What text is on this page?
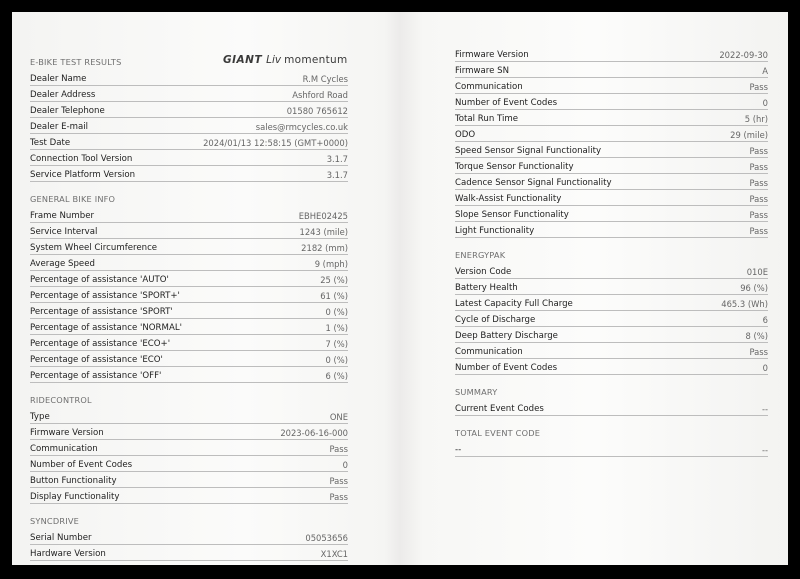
GIANT Liv momentum
E-BIKE TEST RESULTS
Dealer Name	R.M Cycles
Dealer Address	Ashford Road
Dealer Telephone	01580 765612
Dealer E-mail	sales@rmcycles.co.uk
Test Date	2024/01/13 12:58:15 (GMT+0000)
Connection Tool Version	3.1.7
Service Platform Version	3.1.7
GENERAL BIKE INFO
Frame Number	EBHE02425
Service Interval	1243 (mile)
System Wheel Circumference	2182 (mm)
Average Speed	9 (mph)
Percentage of assistance 'AUTO'	25 (%)
Percentage of assistance 'SPORT+'	61 (%)
Percentage of assistance 'SPORT'	0 (%)
Percentage of assistance 'NORMAL'	1 (%)
Percentage of assistance 'ECO+'	7 (%)
Percentage of assistance 'ECO'	0 (%)
Percentage of assistance 'OFF'	6 (%)
RIDECONTROL
Type	ONE
Firmware Version	2023-06-16-000
Communication	Pass
Number of Event Codes	0
Button Functionality	Pass
Display Functionality	Pass
SYNCDRIVE
Serial Number	05053656
Hardware Version	X1XC1
Firmware Version	2022-09-30
Firmware SN	A
Communication	Pass
Number of Event Codes	0
Total Run Time	5 (hr)
ODO	29 (mile)
Speed Sensor Signal Functionality	Pass
Torque Sensor Functionality	Pass
Cadence Sensor Signal Functionality	Pass
Walk-Assist Functionality	Pass
Slope Sensor Functionality	Pass
Light Functionality	Pass
ENERGYPAK
Version Code	010E
Battery Health	96 (%)
Latest Capacity Full Charge	465.3 (Wh)
Cycle of Discharge	6
Deep Battery Discharge	8 (%)
Communication	Pass
Number of Event Codes	0
SUMMARY
Current Event Codes	--
TOTAL EVENT CODE
--	--
